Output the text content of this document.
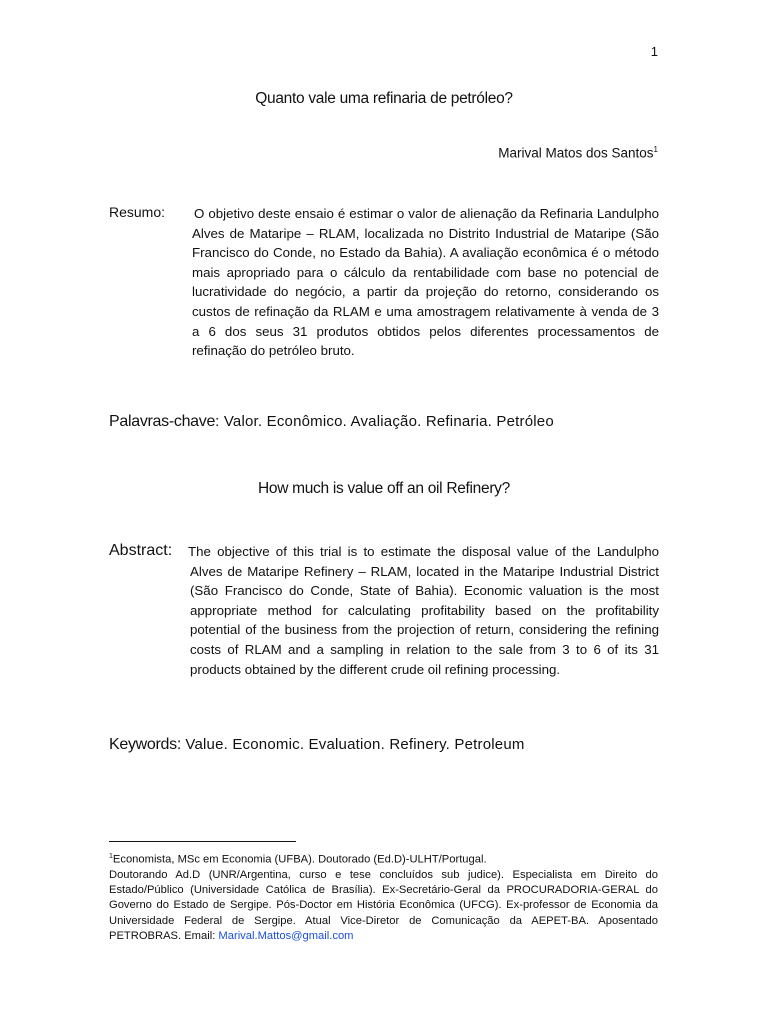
1
Quanto vale uma refinaria de petróleo?
Marival Matos dos Santos$^1$
Resumo: O objetivo deste ensaio é estimar o valor de alienação da Refinaria Landulpho Alves de Mataripe – RLAM, localizada no Distrito Industrial de Mataripe (São Francisco do Conde, no Estado da Bahia). A avaliação econômica é o método mais apropriado para o cálculo da rentabilidade com base no potencial de lucratividade do negócio, a partir da projeção do retorno, considerando os custos de refinação da RLAM e uma amostragem relativamente à venda de 3 a 6 dos seus 31 produtos obtidos pelos diferentes processamentos de refinação do petróleo bruto.
Palavras-chave: Valor. Econômico. Avaliação. Refinaria. Petróleo
How much is value off an oil Refinery?
Abstract: The objective of this trial is to estimate the disposal value of the Landulpho Alves de Mataripe Refinery – RLAM, located in the Mataripe Industrial District (São Francisco do Conde, State of Bahia). Economic valuation is the most appropriate method for calculating profitability based on the profitability potential of the business from the projection of return, considering the refining costs of RLAM and a sampling in relation to the sale from 3 to 6 of its 31 products obtained by the different crude oil refining processing.
Keywords: Value. Economic. Evaluation. Refinery. Petroleum
$^1$Economista, MSc em Economia (UFBA). Doutorado (Ed.D)-ULHT/Portugal.
Doutorando Ad.D (UNR/Argentina, curso e tese concluídos sub judice). Especialista em Direito do Estado/Público (Universidade Católica de Brasília). Ex-Secretário-Geral da PROCURADORIA-GERAL do Governo do Estado de Sergipe. Pós-Doctor em História Econômica (UFCG). Ex-professor de Economia da Universidade Federal de Sergipe. Atual Vice-Diretor de Comunicação da AEPET-BA. Aposentado PETROBRAS. Email: Marival.Mattos@gmail.com
